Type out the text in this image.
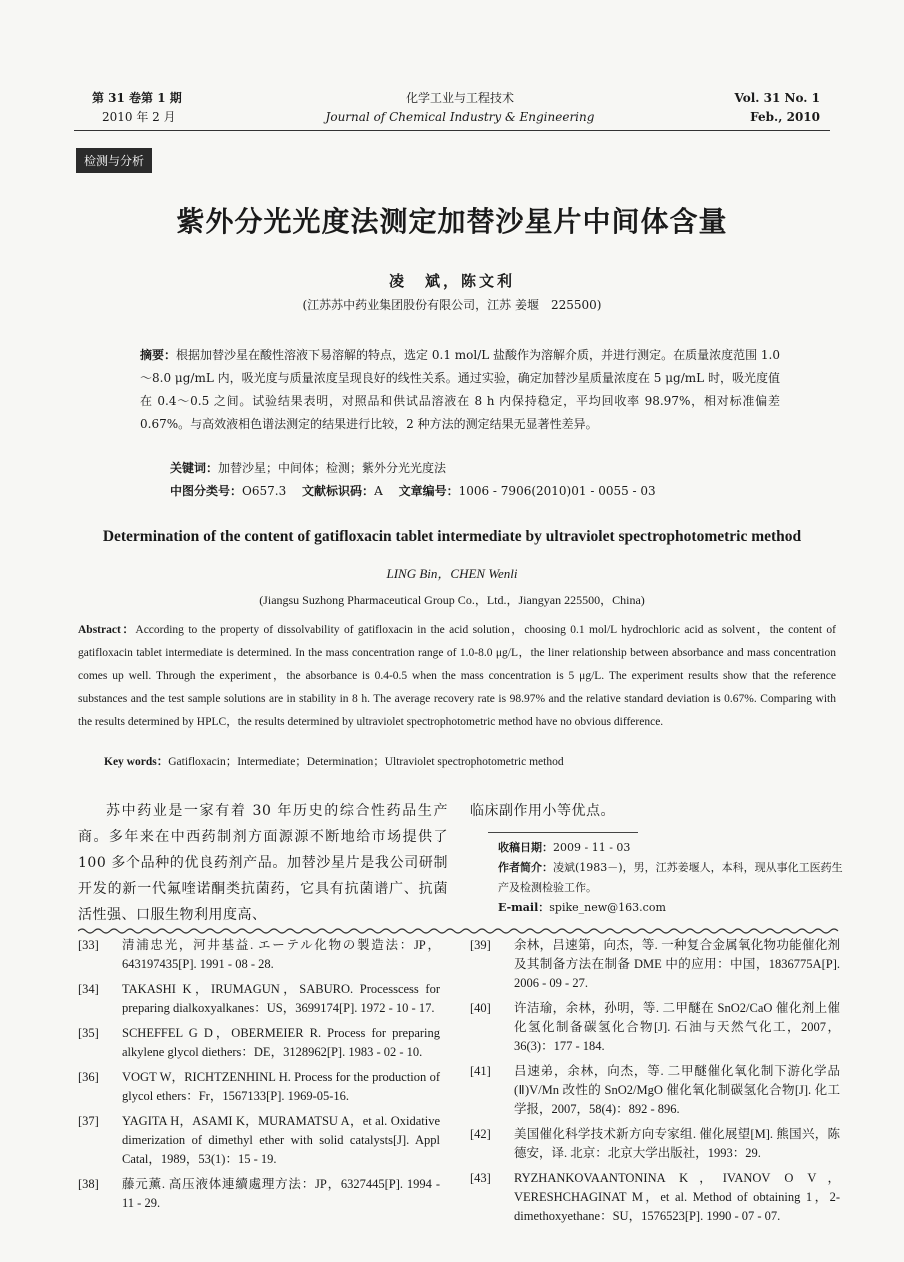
第 31 卷第 1 期
2010 年 2 月
化学工业与工程技术
Journal of Chemical Industry & Engineering
Vol. 31 No. 1
Feb., 2010
检测与分析
紫外分光光度法测定加替沙星片中间体含量
凌　斌，陈文利
(江苏苏中药业集团股份有限公司，江苏 姜堰　225500)
摘要：根据加替沙星在酸性溶液下易溶解的特点，选定 0.1 mol/L 盐酸作为溶解介质，并进行测定。在质量浓度范围 1.0～8.0 μg/mL 内，吸光度与质量浓度呈现良好的线性关系。通过实验，确定加替沙星质量浓度在 5 μg/mL 时，吸光度值在 0.4～0.5 之间。试验结果表明，对照品和供试品溶液在 8 h 内保持稳定，平均回收率 98.97%，相对标准偏差 0.67%。与高效液相色谱法测定的结果进行比较，2 种方法的测定结果无显著性差异。
关键词：加替沙星；中间体；检测；紫外分光光度法
中图分类号：O657.3  文献标识码：A  文章编号：1006 - 7906(2010)01 - 0055 - 03
Determination of the content of gatifloxacin tablet intermediate by ultraviolet spectrophotometric method
LING Bin，CHEN Wenli
(Jiangsu Suzhong Pharmaceutical Group Co.，Ltd.，Jiangyan 225500，China)
Abstract：According to the property of dissolvability of gatifloxacin in the acid solution，choosing 0.1 mol/L hydrochloric acid as solvent，the content of gatifloxacin tablet intermediate is determined. In the mass concentration range of 1.0-8.0 μg/L，the liner relationship between absorbance and mass concentration comes up well. Through the experiment，the absorbance is 0.4-0.5 when the mass concentration is 5 μg/L. The experiment results show that the reference substances and the test sample solutions are in stability in 8 h. The average recovery rate is 98.97% and the relative standard deviation is 0.67%. Comparing with the results determined by HPLC，the results determined by ultraviolet spectrophotometric method have no obvious difference.
Key words：Gatifloxacin；Intermediate；Determination；Ultraviolet spectrophotometric method
苏中药业是一家有着 30 年历史的综合性药品生产商。多年来在中西药制剂方面源源不断地给市场提供了 100 多个品种的优良药剂产品。加替沙星片是我公司研制开发的新一代氟喹诺酮类抗菌药，它具有抗菌谱广、抗菌活性强、口服生物利用度高、
临床副作用小等优点。
收稿日期：2009 - 11 - 03
作者简介：凌斌(1983－)，男，江苏姜堰人，本科，现从事化工医药生产及检测检验工作。
E-mail：spike_new@163.com
[33] 清浦忠光，河井基益. エーテル化物の製造法：JP，643197435[P]. 1991 - 08 - 28.
[34] TAKASHI K，IRUMAGUN，SABURO. Processcess for preparing dialkoxyalkanes：US，3699174[P]. 1972 - 10 - 17.
[35] SCHEFFEL G D，OBERMEIER R. Process for preparing alkylene glycol diethers：DE，3128962[P]. 1983 - 02 - 10.
[36] VOGT W，RICHTZENHINL H. Process for the production of glycol ethers：Fr，1567133[P]. 1969-05-16.
[37] YAGITA H，ASAMI K，MURAMATSU A，et al. Oxidative dimerization of dimethyl ether with solid catalysts[J]. Appl Catal，1989，53(1)：15 - 19.
[38] 藤元薰. 高压液体連續處理方法：JP，6327445[P]. 1994 - 11 - 29.
[39] 余林，吕速第，向杰，等. 一种复合金属氧化物功能催化剂及其制备方法在制备 DME 中的应用：中国，1836775A[P]. 2006 - 09 - 27.
[40] 许洁瑜，余林，孙明，等. 二甲醚在 SnO2/CaO 催化剂上催化氢化制备碳氢化合物[J]. 石油与天然气化工，2007，36(3)：177 - 184.
[41] 吕速弟，余林，向杰，等. 二甲醚催化氧化制下游化学品(Ⅱ)V/Mn 改性的 SnO2/MgO 催化氧化制碳氢化合物[J]. 化工学报，2007，58(4)：892 - 896.
[42] 美国催化科学技术新方向专家组. 催化展望[M]. 熊国兴，陈德安，译. 北京：北京大学出版社，1993：29.
[43] RYZHANKOVAANTONINA K，IVANOV O V，VERESHCHAGINAT M，et al. Method of obtaining 1，2-dimethoxyethane：SU，1576523[P]. 1990 - 07 - 07.
